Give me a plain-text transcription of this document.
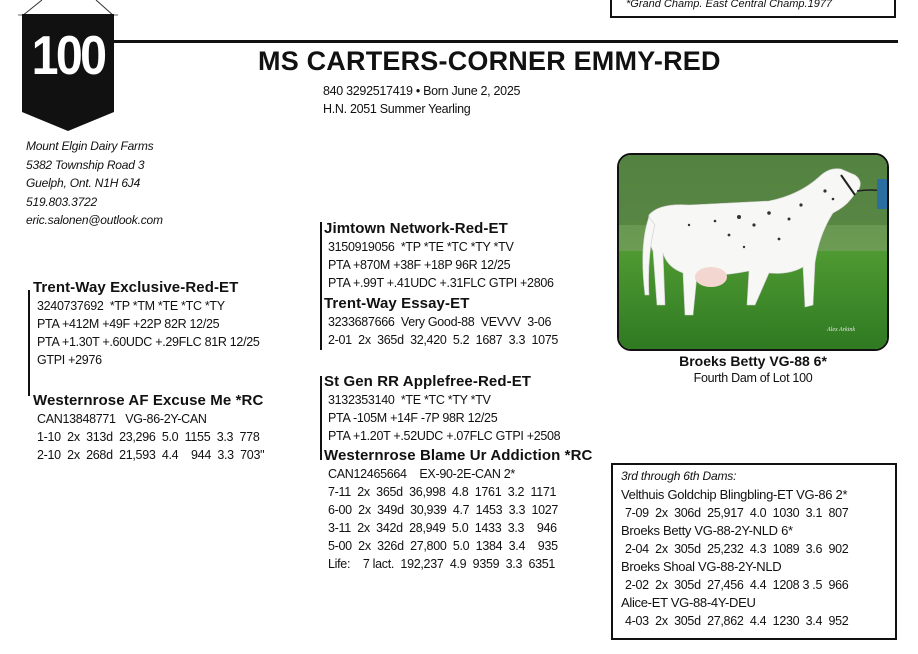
*Grand Champ. East Central Champ.1977
100	MS CARTERS-CORNER EMMY-RED
840 3292517419 • Born June 2, 2025
H.N. 2051 Summer Yearling
Mount Elgin Dairy Farms
5382 Township Road 3
Guelph, Ont. N1H 6J4
519.803.3722
eric.salonen@outlook.com
Trent-Way Exclusive-Red-ET
3240737692  *TP *TM *TE *TC *TY
PTA +412M +49F +22P 82R 12/25
PTA +1.30T +.60UDC +.29FLC 81R 12/25
GTPI +2976
Westernrose AF Excuse Me *RC
CAN13848771   VG-86-2Y-CAN
1-10  2x  313d  23,296  5.0  1155  3.3  778
2-10  2x  268d  21,593  4.4    944  3.3  703"
Jimtown Network-Red-ET
3150919056  *TP *TE *TC *TY *TV
PTA +870M +38F +18P 96R 12/25
PTA +.99T +.41UDC +.31FLC GTPI +2806
Trent-Way Essay-ET
3233687666  Very Good-88  VEVVV  3-06
2-01  2x  365d  32,420  5.2  1687  3.3  1075
St Gen RR Applefree-Red-ET
3132353140  *TE *TC *TY *TV
PTA -105M +14F -7P 98R 12/25
PTA +1.20T +.52UDC +.07FLC GTPI +2508
Westernrose Blame Ur Addiction *RC
CAN12465664    EX-90-2E-CAN 2*
7-11  2x  365d  36,998  4.8  1761  3.2  1171
6-00  2x  349d  30,939  4.7  1453  3.3  1027
3-11  2x  342d  28,949  5.0  1433  3.3    946
5-00  2x  326d  27,800  5.0  1384  3.4    935
Life:    7 lact.  192,237  4.9  9359  3.3  6351
Alex Arkink
Broeks Betty VG-88 6*
Fourth Dam of Lot 100
3rd through 6th Dams:
Velthuis Goldchip Blingbling-ET VG-86 2*
7-09  2x  306d  25,917  4.0  1030  3.1  807
Broeks Betty VG-88-2Y-NLD 6*
2-04  2x  305d  25,232  4.3  1089  3.6  902
Broeks Shoal VG-88-2Y-NLD
2-02  2x  305d  27,456  4.4  1208 3 .5  966
Alice-ET VG-88-4Y-DEU
4-03  2x  305d  27,862  4.4  1230  3.4  952
